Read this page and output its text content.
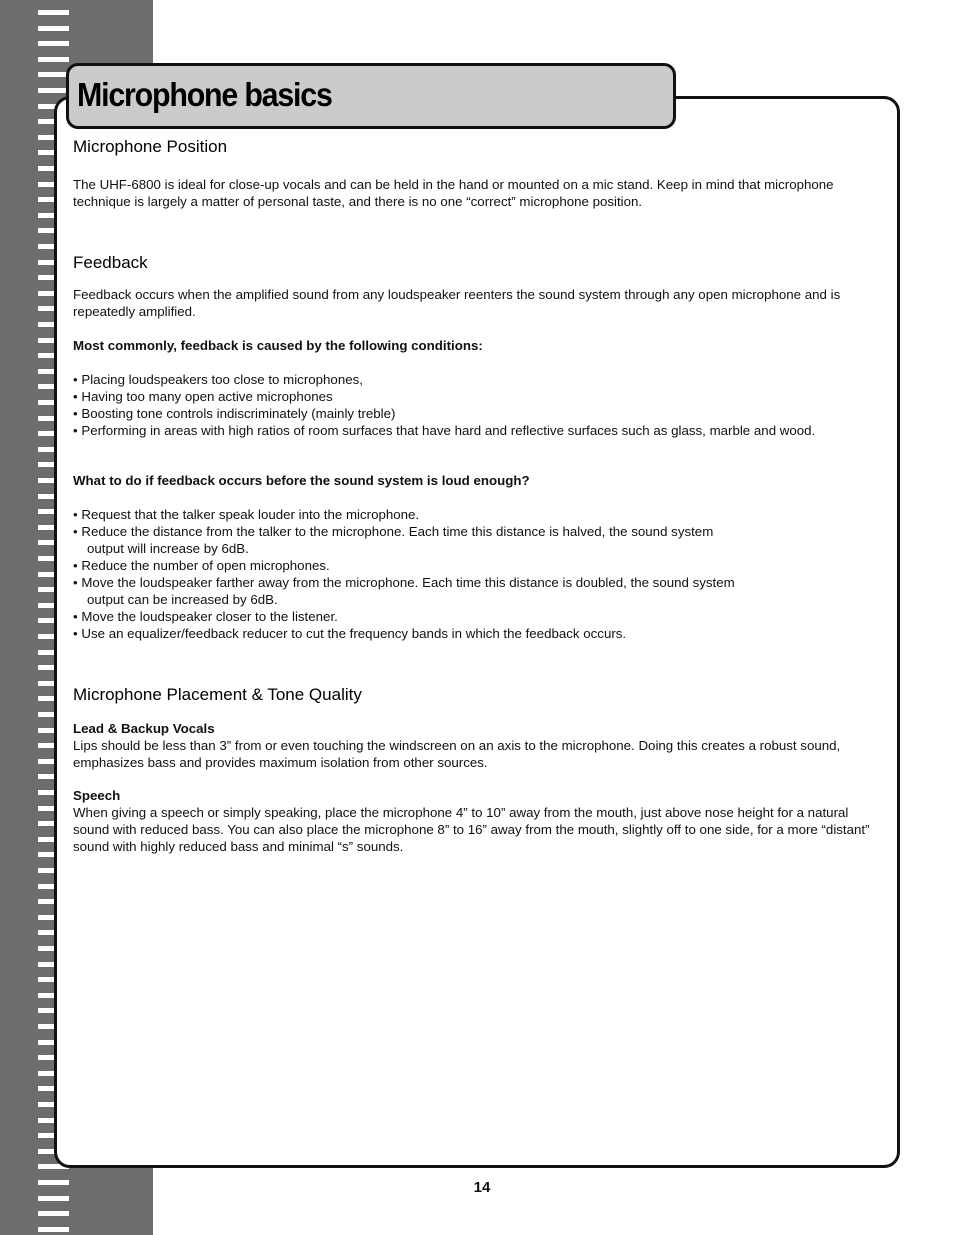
Microphone basics
Microphone Position

The UHF-6800 is ideal for close-up vocals and can be held in the hand or mounted on a mic stand. Keep in mind that microphone technique is largely a matter of personal taste, and there is no one “correct” microphone position.

Feedback

Feedback occurs when the amplified sound from any loudspeaker reenters the sound system through any open microphone and is repeatedly amplified.

Most commonly, feedback is caused by the following conditions:

• Placing loudspeakers too close to microphones,

• Having too many open active microphones

• Boosting tone controls indiscriminately (mainly treble)

• Performing in areas with high ratios of room surfaces that have hard and reflective surfaces such as glass, marble and wood.

What to do if feedback occurs before the sound system is loud enough?

• Request that the talker speak louder into the microphone.

• Reduce the distance from the talker to the microphone. Each time this distance is halved, the sound system

output will increase by 6dB.

• Reduce the number of open microphones.

• Move the loudspeaker farther away from the microphone. Each time this distance is doubled, the sound system

output can be increased by 6dB.

• Move the loudspeaker closer to the listener.

• Use an equalizer/feedback reducer to cut the frequency bands in which the feedback occurs.

Microphone Placement & Tone Quality

Lead & Backup Vocals

Lips should be less than 3” from or even touching the windscreen on an axis to the microphone. Doing this creates a robust sound, emphasizes bass and provides maximum isolation from other sources.

Speech

When giving a speech or simply speaking, place the microphone 4” to 10” away from the mouth, just above nose height for a natural sound with reduced bass. You can also place the microphone 8” to 16” away from the mouth, slightly off to one side, for a more “distant” sound with highly reduced bass and minimal “s” sounds.

14
